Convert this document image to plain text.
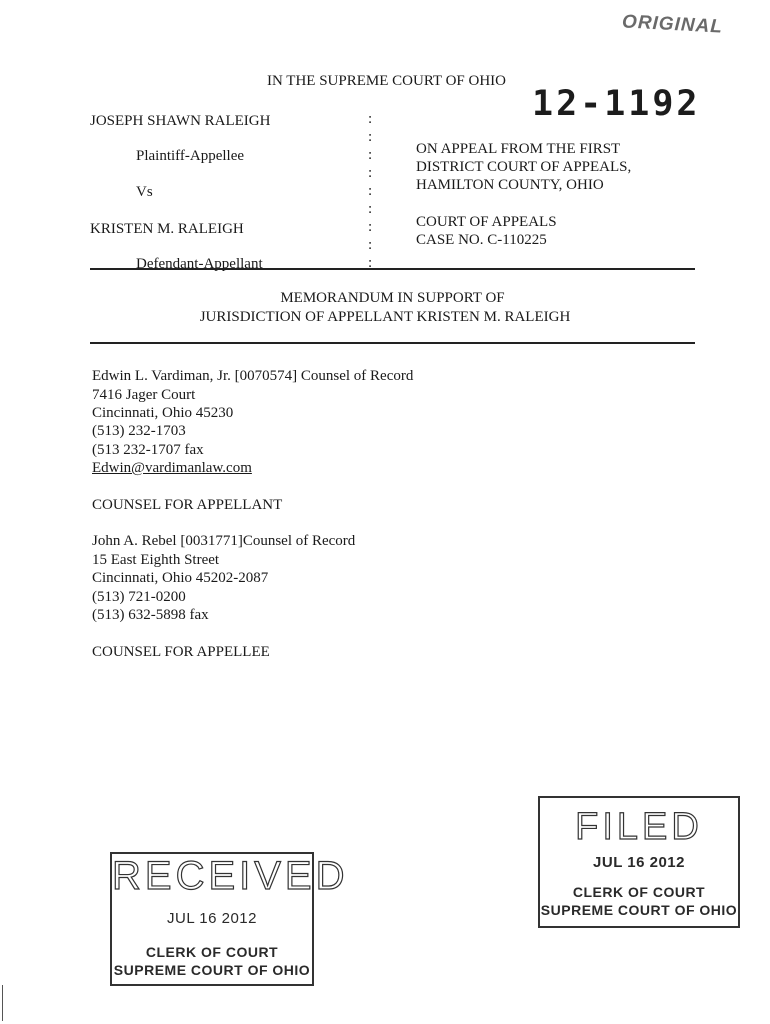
ORIGINAL
IN THE SUPREME COURT OF OHIO
12-1192
JOSEPH SHAWN RALEIGH
Plaintiff-Appellee
Vs
KRISTEN M. RALEIGH
Defendant-Appellant
:
:
:
:
:
:
:
:
:
ON APPEAL FROM THE FIRST
DISTRICT COURT OF APPEALS,
HAMILTON COUNTY, OHIO
COURT OF APPEALS
CASE NO. C-110225
MEMORANDUM IN SUPPORT OF
JURISDICTION OF APPELLANT KRISTEN M. RALEIGH
Edwin L. Vardiman, Jr. [0070574] Counsel of Record
7416 Jager Court
Cincinnati, Ohio 45230
(513) 232-1703
(513 232-1707 fax
Edwin@vardimanlaw.com
COUNSEL FOR APPELLANT
John A. Rebel [0031771]Counsel of Record
15 East Eighth Street
Cincinnati, Ohio 45202-2087
(513) 721-0200
(513) 632-5898 fax
COUNSEL FOR APPELLEE
FILED
JUL 16 2012
CLERK OF COURT
SUPREME COURT OF OHIO
RECEIVED
JUL 16 2012
CLERK OF COURT
SUPREME COURT OF OHIO
